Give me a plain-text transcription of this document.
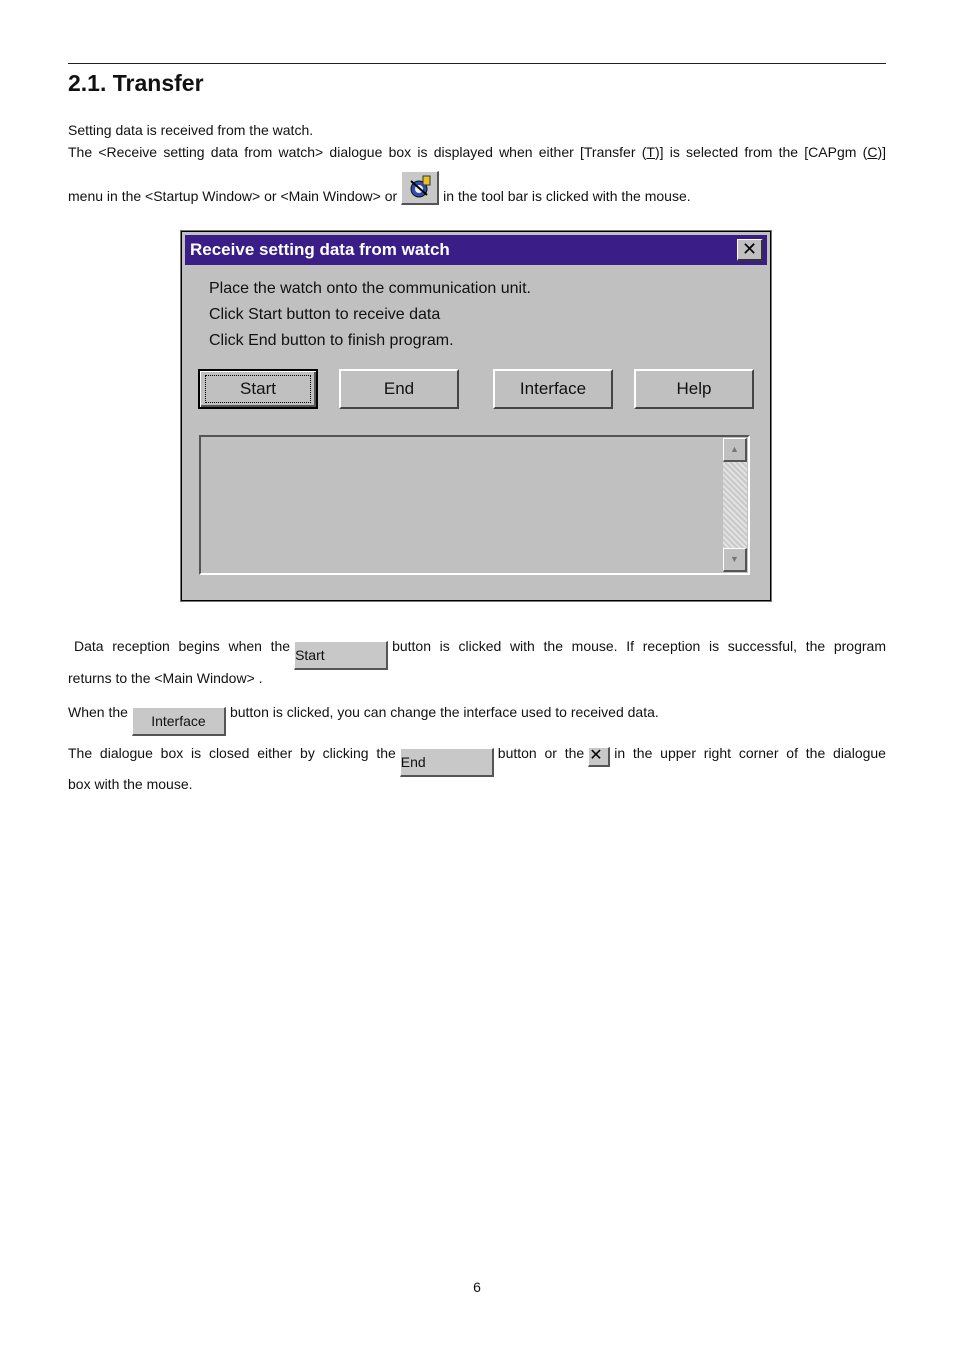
2.1. Transfer

Setting data is received from the watch.

The <Receive setting data from watch> dialogue box is displayed when either [Transfer (T)] is selected from the [CAPgm (C)]

menu in the <Startup Window> or <Main Window> or	in the tool bar is clicked with the mouse.

Receive setting data from watch	✕
Place the watch onto the communication unit.
Click Start button to receive data
Click End button to finish program.
Start	End	Interface	Help
▲
▼

Data reception begins when theStartbutton is clicked with the mouse. If reception is successful, the program

returns to the <Main Window> .

When theInterfacebutton is clicked, you can change the interface used to received data.

The dialogue box is closed either by clicking theEndbutton or the ✕ in the upper right corner of the dialogue

box with the mouse.

6
